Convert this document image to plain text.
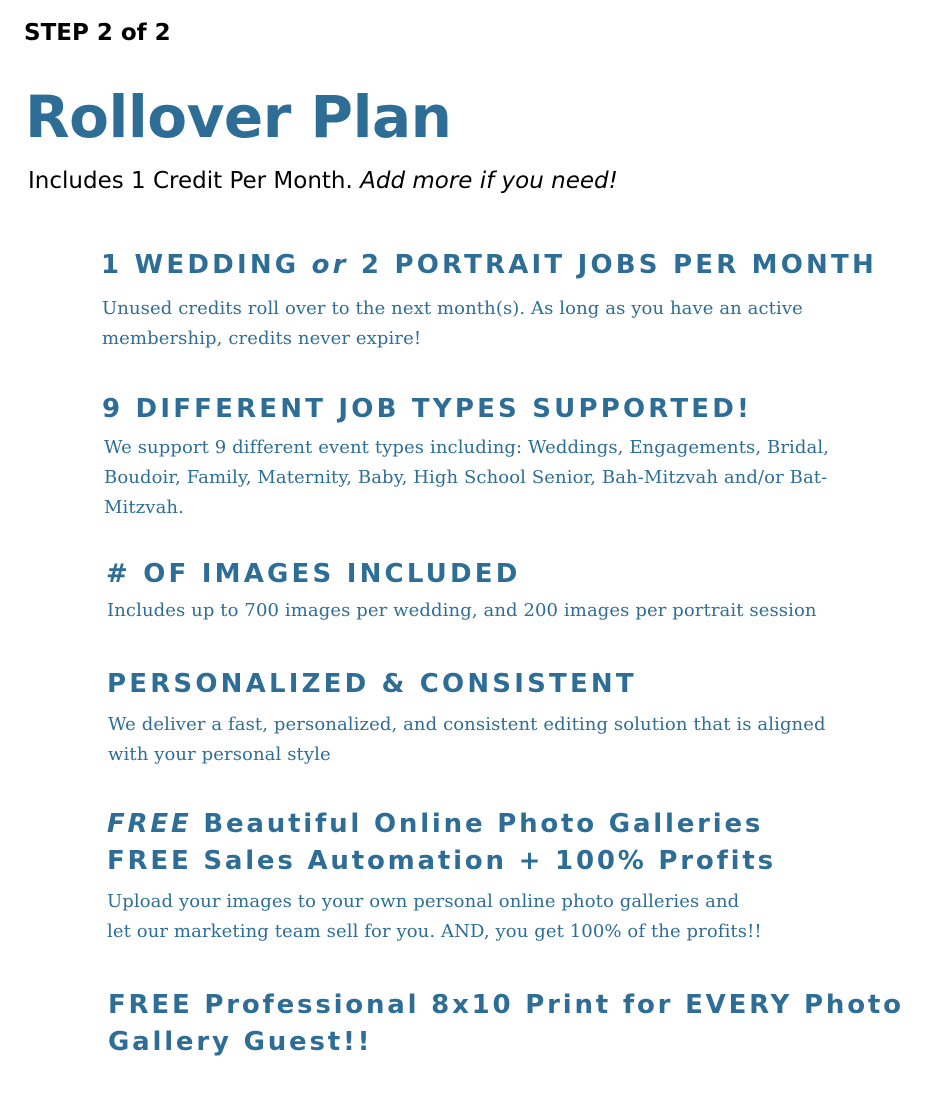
STEP 2 of 2
Rollover Plan
Includes 1 Credit Per Month. Add more if you need!
1 WEDDING or 2 PORTRAIT JOBS PER MONTH

Unused credits roll over to the next month(s). As long as you have an active
membership, credits never expire!

9 DIFFERENT JOB TYPES SUPPORTED!

We support 9 different event types including: Weddings, Engagements, Bridal,
Boudoir, Family, Maternity, Baby, High School Senior, Bah-Mitzvah and/or Bat-
Mitzvah.

# OF IMAGES INCLUDED

Includes up to 700 images per wedding, and 200 images per portrait session

PERSONALIZED & CONSISTENT

We deliver a fast, personalized, and consistent editing solution that is aligned
with your personal style

FREE Beautiful Online Photo Galleries
FREE Sales Automation + 100% Profits

Upload your images to your own personal online photo galleries and
let our marketing team sell for you. AND, you get 100% of the profits!!

FREE Professional 8x10 Print for EVERY Photo
Gallery Guest!!
